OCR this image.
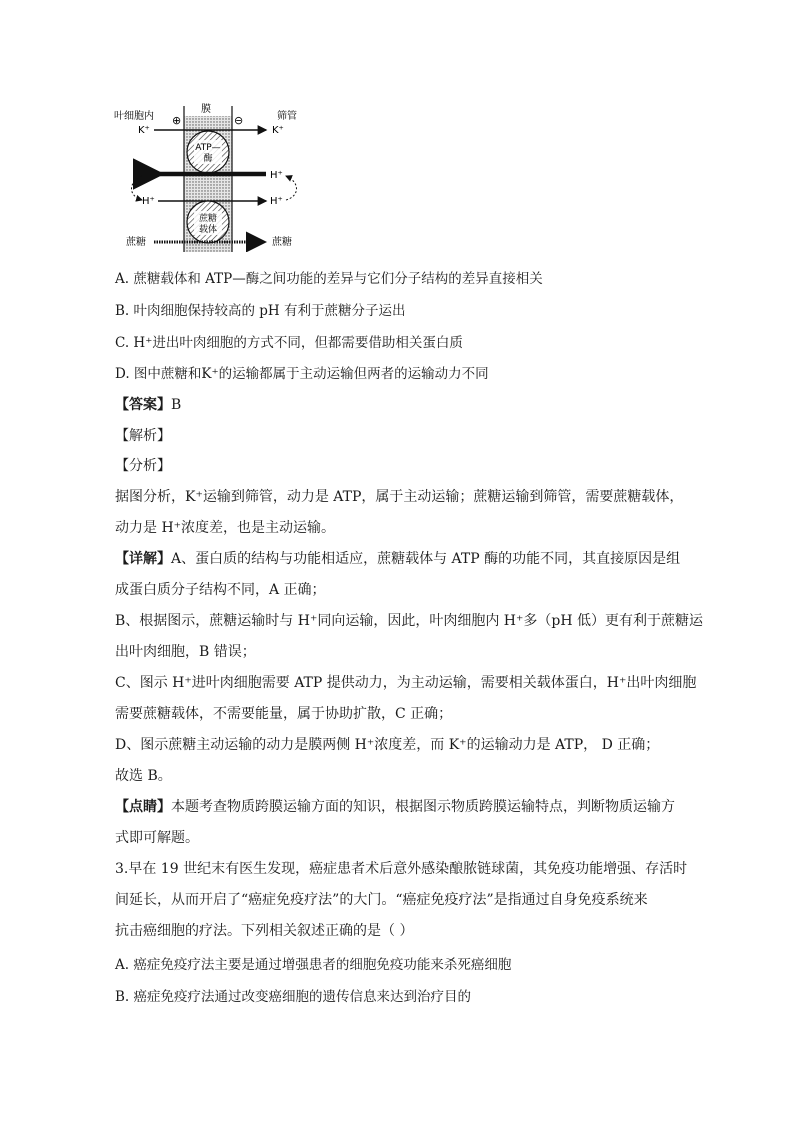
叶细胞内
膜
筛管
⊕	⊖
K⁺	K⁺
ATP—
酶
H⁺	H⁺
H⁺	H⁺
蔗糖
载体
蔗糖	蔗糖
A. 蔗糖载体和 ATP—酶之间功能的差异与它们分子结构的差异直接相关
B. 叶肉细胞保持较高的 pH 有利于蔗糖分子运出
C. H⁺进出叶肉细胞的方式不同，但都需要借助相关蛋白质
D. 图中蔗糖和K⁺的运输都属于主动运输但两者的运输动力不同
【答案】B
【解析】
【分析】
据图分析，K⁺运输到筛管，动力是 ATP，属于主动运输；蔗糖运输到筛管，需要蔗糖载体，
动力是 H⁺浓度差，也是主动运输。
【详解】A、蛋白质的结构与功能相适应，蔗糖载体与 ATP 酶的功能不同，其直接原因是组
成蛋白质分子结构不同，A 正确；
B、根据图示，蔗糖运输时与 H⁺同向运输，因此，叶肉细胞内 H⁺多（pH 低）更有利于蔗糖运
出叶肉细胞，B 错误；
C、图示 H⁺进叶肉细胞需要 ATP 提供动力，为主动运输，需要相关载体蛋白，H⁺出叶肉细胞
需要蔗糖载体，不需要能量，属于协助扩散，C 正确；
D、图示蔗糖主动运输的动力是膜两侧 H⁺浓度差，而 K⁺的运输动力是 ATP， D 正确；
故选 B。
【点睛】本题考查物质跨膜运输方面的知识，根据图示物质跨膜运输特点，判断物质运输方
式即可解题。
3.早在 19 世纪末有医生发现，癌症患者术后意外感染酿脓链球菌，其免疫功能增强、存活时
间延长，从而开启了“癌症免疫疗法”的大门。“癌症免疫疗法”是指通过自身免疫系统来
抗击癌细胞的疗法。下列相关叙述正确的是（ ）
A. 癌症免疫疗法主要是通过增强患者的细胞免疫功能来杀死癌细胞
B. 癌症免疫疗法通过改变癌细胞的遗传信息来达到治疗目的
